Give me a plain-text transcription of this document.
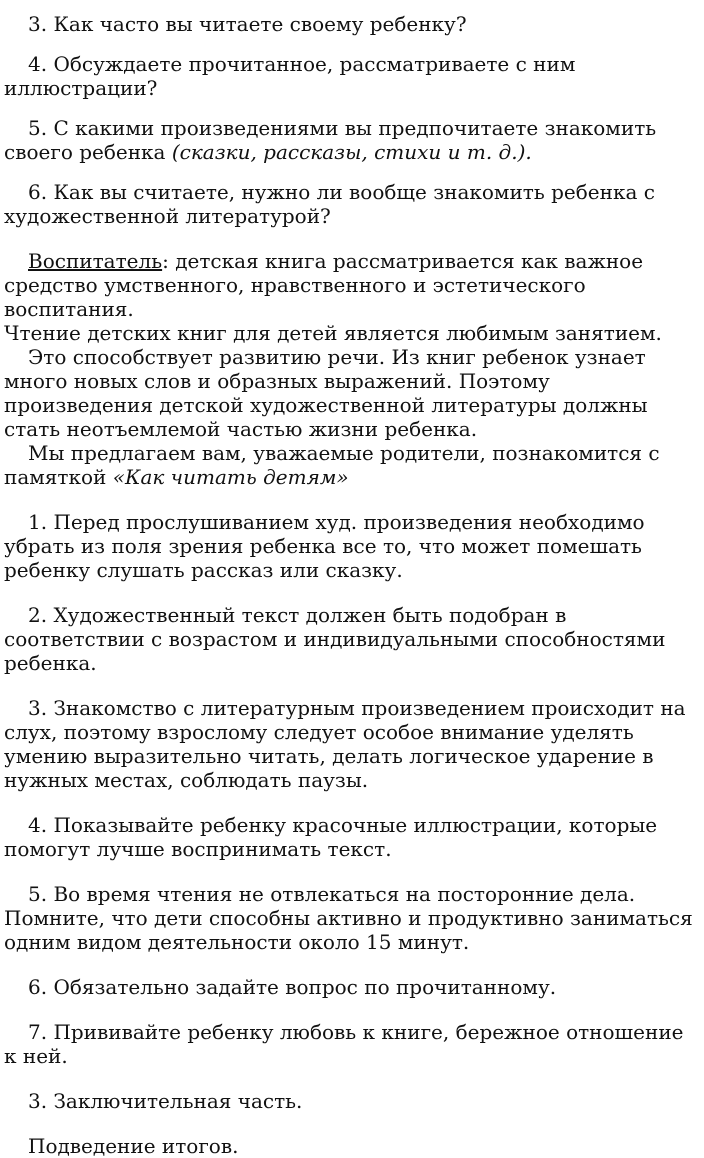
3. Как часто вы читаете своему ребенку?

4. Обсуждаете прочитанное, рассматриваете с ним иллюстрации?

5. С какими произведениями вы предпочитаете знакомить своего ребенка (сказки, рассказы, стихи и т. д.).

6. Как вы считаете, нужно ли вообще знакомить ребенка с художественной литературой?

Воспитатель: детская книга рассматривается как важное средство умственного, нравственного и эстетического воспитания.

Чтение детских книг для детей является любимым занятием.

Это способствует развитию речи. Из книг ребенок узнает много новых слов и образных выражений. Поэтому произведения детской художественной литературы должны стать неотъемлемой частью жизни ребенка.

Мы предлагаем вам, уважаемые родители, познакомится с памяткой «Как читать детям»

1. Перед прослушиванием худ. произведения необходимо убрать из поля зрения ребенка все то, что может помешать ребенку слушать рассказ или сказку.

2. Художественный текст должен быть подобран в соответствии с возрастом и индивидуальными способностями ребенка.

3. Знакомство с литературным произведением происходит на слух, поэтому взрослому следует особое внимание уделять умению выразительно читать, делать логическое ударение в нужных местах, соблюдать паузы.

4. Показывайте ребенку красочные иллюстрации, которые помогут лучше воспринимать текст.

5. Во время чтения не отвлекаться на посторонние дела. Помните, что дети способны активно и продуктивно заниматься одним видом деятельности около 15 минут.

6. Обязательно задайте вопрос по прочитанному.

7. Прививайте ребенку любовь к книге, бережное отношение к ней.

3. Заключительная часть.

Подведение итогов.
